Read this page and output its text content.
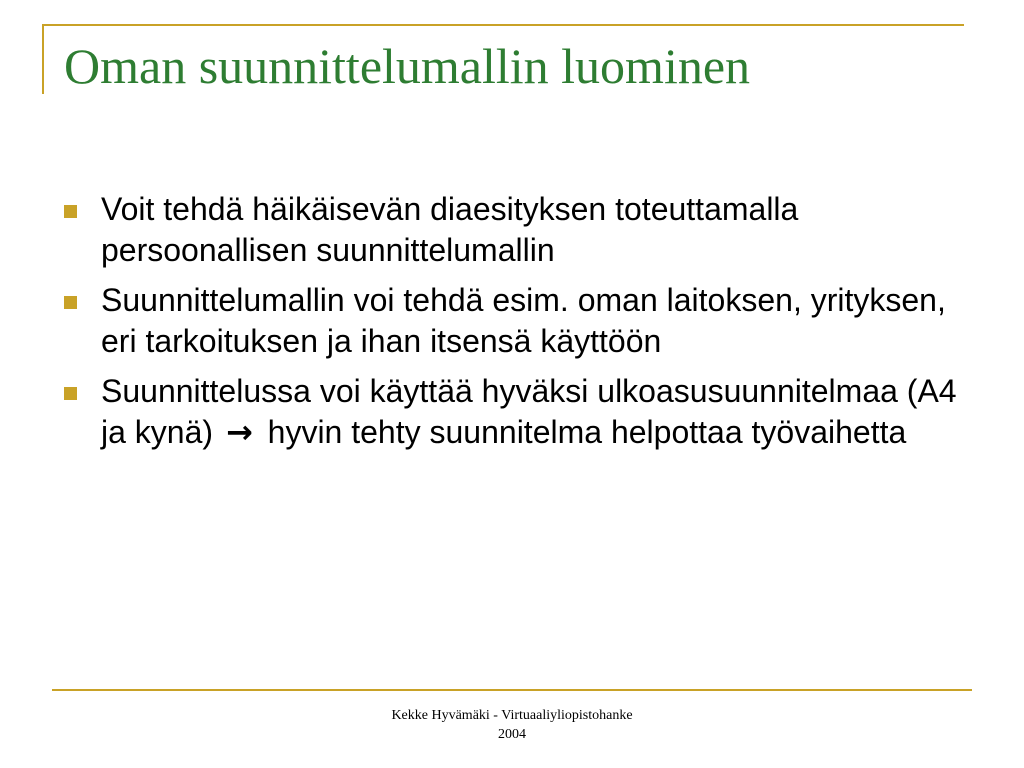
Oman suunnittelumallin luominen
Voit tehdä häikäisevän diaesityksen toteuttamalla persoonallisen suunnittelumallin
Suunnittelumallin voi tehdä esim. oman laitoksen, yrityksen, eri tarkoituksen ja ihan itsensä käyttöön
Suunnittelussa voi käyttää hyväksi ulkoasusuunnitelmaa (A4 ja kynä) → hyvin tehty suunnitelma helpottaa työvaihetta
Kekke Hyvämäki - Virtuaaliyliopistohanke
2004
